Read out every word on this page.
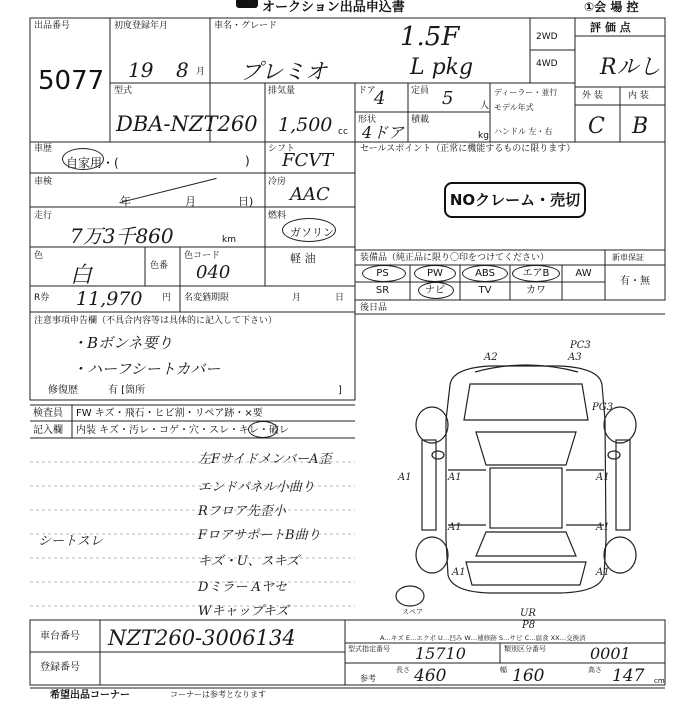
オークション出品申込書	①会 場 控
出品番号
5077
初度登録年月
19 8 月
車名・グレード
プレミオ
1.5F
L pkg
2WD
4WD
評 価 点
Rルし
外 装	内 装
C B
型式
DBA-NZT260
排気量
1,500 cc
ドア
4	定員 5	人
形状
4ドア
積載
kg
ディーラー・並行
モデル年式
ハンドル 左・右
車歴
自家用・(	)
シフト
FCVT
車検
年	月	日)
冷房
AAC
走行
7万3千860	km
燃料
ガソリン
軽 油
色
白	色番
色コード
040
R券 11,970 円 名変猶期限	月	日
セールスポイント（正常に機能するものに限ります）
NOクレーム・売切
装備品（純正品に限り〇印をつけてください）	新車保証
PS	PW	ABS	エアB	AW
SR	ナビ	TV	カワ
有・無
後日品
注意事項申告欄（不具合内容等は具体的に記入して下さい）
・Bボンネ要り
・ハーフシートカバー
修復歴	有 [箇所	]
検査員 FW キズ・飛石・ヒビ割・リペア跡・×要
記入欄 内装 キズ・汚レ・コゲ・穴・スレ・キレ・破レ
左FサイドメンバーA歪
エンドパネル小曲り
Rフロア先歪小
FロアサポートB曲り
キズ・U、スキズ
Dミラー Aヤセ
Wキャップキズ
シートスレ
A2	A3
PC3
PG3
A1	A1	A1
A1	A1
A1	A1
UR
P8
スペア
A…キズ E…エクボ U…凹み W…補修跡 S…サビ C…腐食 XX…交換済
車台番号 NZT260-3006134
登録番号
型式指定番号 15710	類別区分番号	0001
参考
長さ 460	幅 160	高さ 147 cm
希望出品コーナー	コーナーは参考となります
